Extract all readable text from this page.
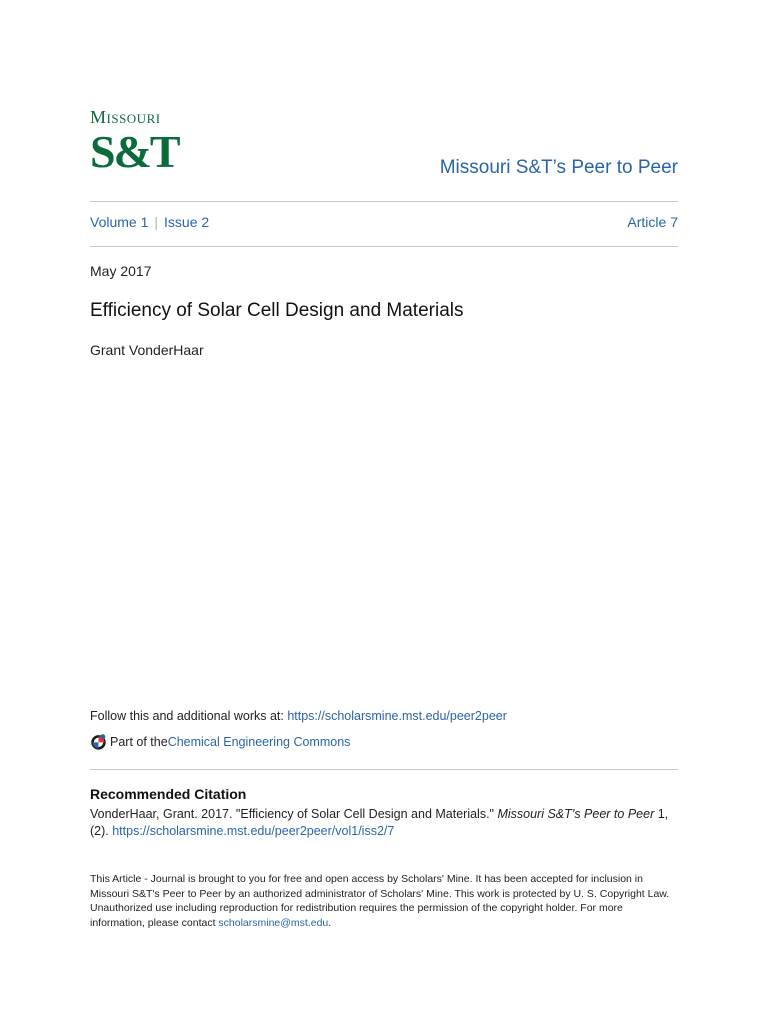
Missouri
S&T	Missouri S&T’s Peer to Peer
Volume 1 | Issue 2	Article 7
May 2017
Efficiency of Solar Cell Design and Materials
Grant VonderHaar
Follow this and additional works at: https://scholarsmine.mst.edu/peer2peer
Part of the Chemical Engineering Commons
Recommended Citation
VonderHaar, Grant. 2017. "Efficiency of Solar Cell Design and Materials." Missouri S&T’s Peer to Peer 1, (2). https://scholarsmine.mst.edu/peer2peer/vol1/iss2/7
This Article - Journal is brought to you for free and open access by Scholars' Mine. It has been accepted for inclusion in Missouri S&T's Peer to Peer by an authorized administrator of Scholars' Mine. This work is protected by U. S. Copyright Law. Unauthorized use including reproduction for redistribution requires the permission of the copyright holder. For more information, please contact scholarsmine@mst.edu.
